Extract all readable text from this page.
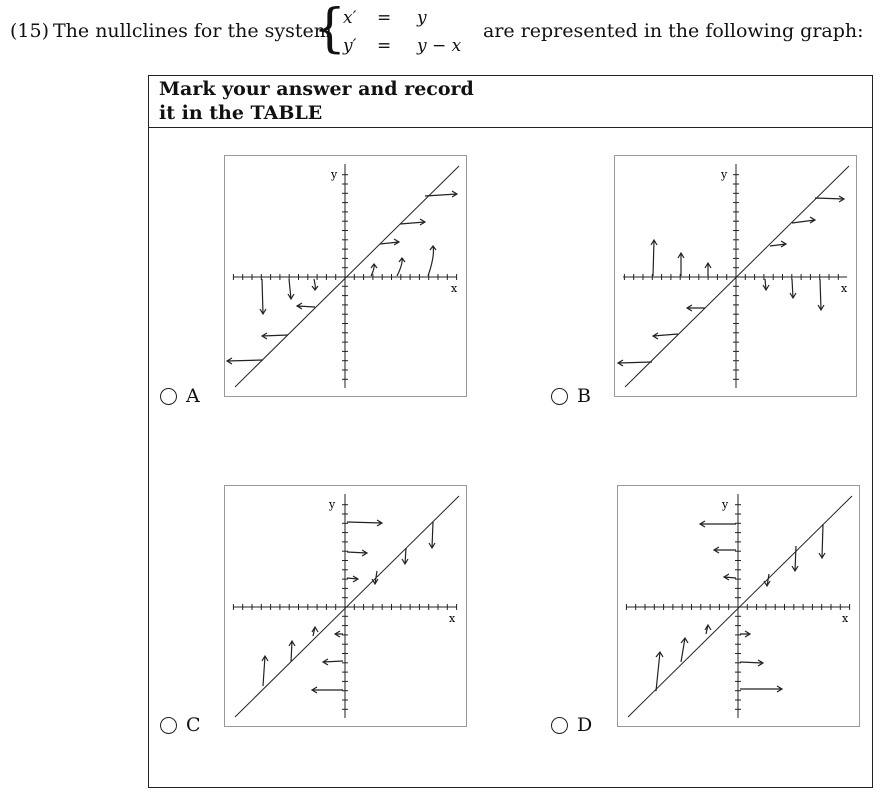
(15) The nullclines for the system
{
x′ = y
y′ = y − x
are represented in the following graph:
Mark your answer and record
it in the TABLE
y
x
y
x
y
x
y
x
A	B
C	D
